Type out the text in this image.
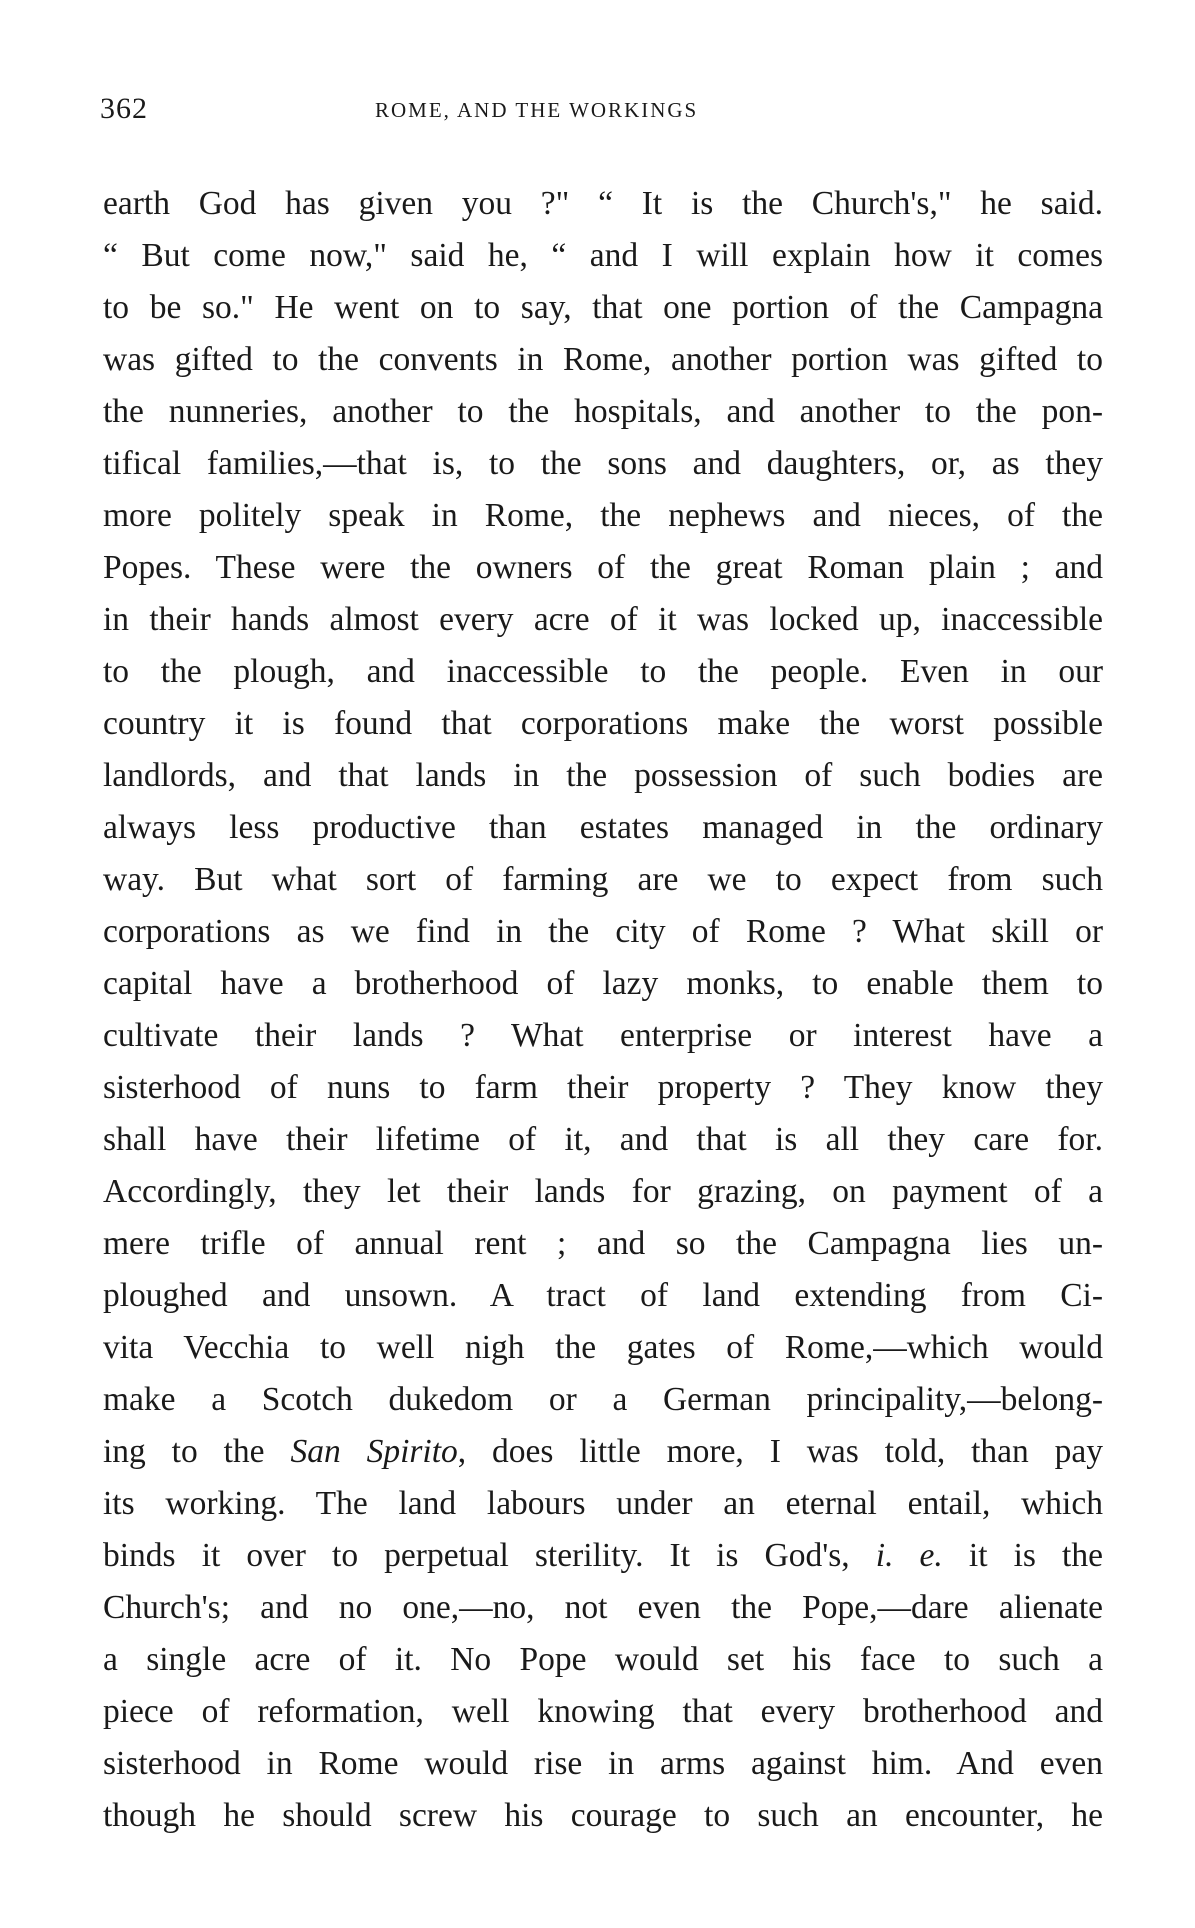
362	ROME, AND THE WORKINGS
earth God has given you ?" “ It is the Church's," he said.
“ But come now," said he, “ and I will explain how it comes
to be so." He went on to say, that one portion of the Campagna
was gifted to the convents in Rome, another portion was gifted to
the nunneries, another to the hospitals, and another to the pon-
tifical families,—that is, to the sons and daughters, or, as they
more politely speak in Rome, the nephews and nieces, of the
Popes. These were the owners of the great Roman plain ; and
in their hands almost every acre of it was locked up, inaccessible
to the plough, and inaccessible to the people. Even in our
country it is found that corporations make the worst possible
landlords, and that lands in the possession of such bodies are
always less productive than estates managed in the ordinary
way. But what sort of farming are we to expect from such
corporations as we find in the city of Rome ? What skill or
capital have a brotherhood of lazy monks, to enable them to
cultivate their lands ? What enterprise or interest have a
sisterhood of nuns to farm their property ? They know they
shall have their lifetime of it, and that is all they care for.
Accordingly, they let their lands for grazing, on payment of a
mere trifle of annual rent ; and so the Campagna lies un-
ploughed and unsown. A tract of land extending from Ci-
vita Vecchia to well nigh the gates of Rome,—which would
make a Scotch dukedom or a German principality,—belong-
ing to the San Spirito, does little more, I was told, than pay
its working. The land labours under an eternal entail, which
binds it over to perpetual sterility. It is God's, i. e. it is the
Church's; and no one,—no, not even the Pope,—dare alienate
a single acre of it. No Pope would set his face to such a
piece of reformation, well knowing that every brotherhood and
sisterhood in Rome would rise in arms against him. And even
though he should screw his courage to such an encounter, he
